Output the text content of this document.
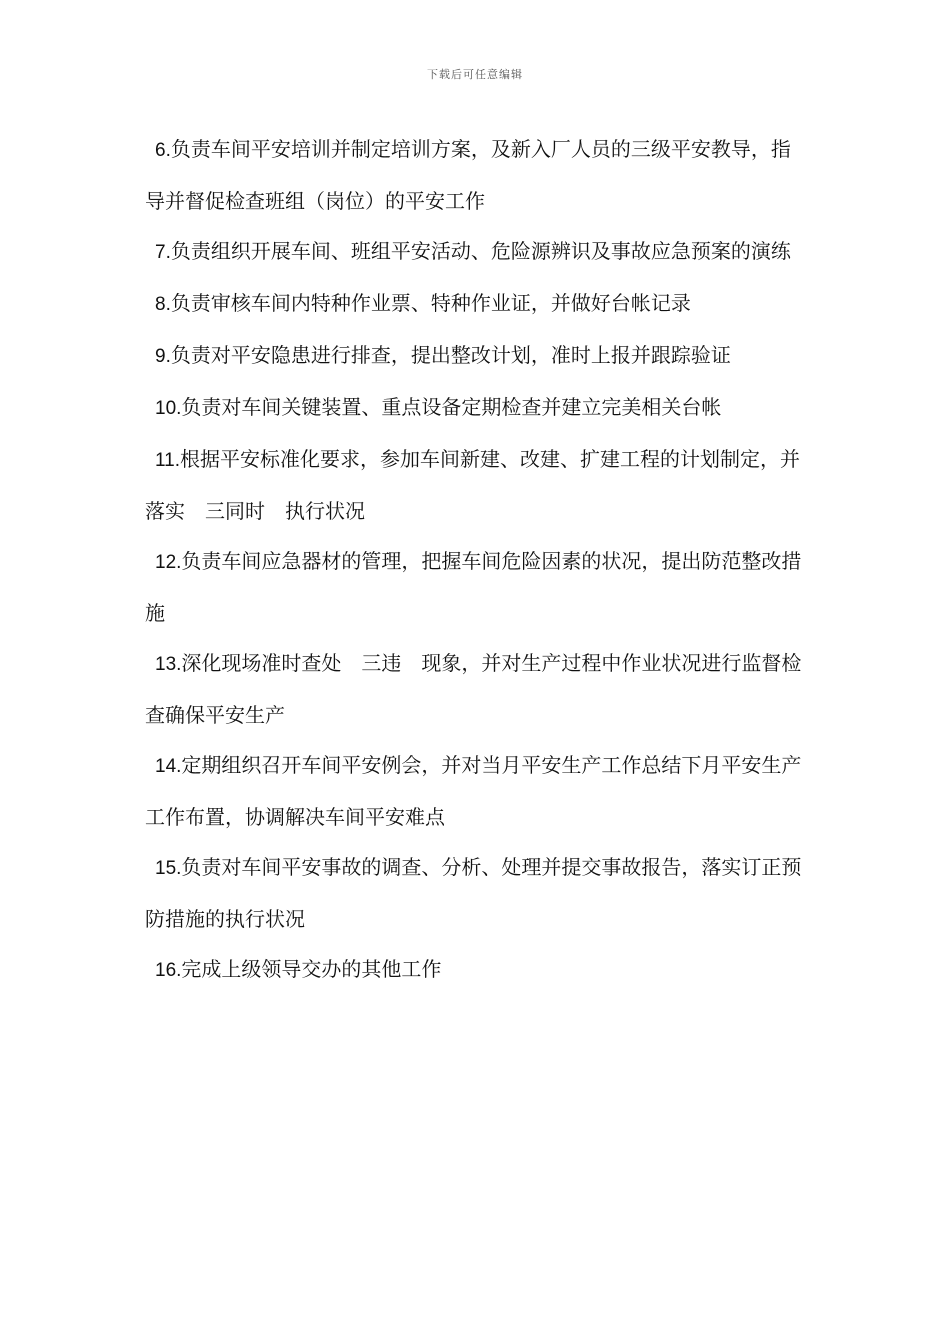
下载后可任意编辑

6.负责车间平安培训并制定培训方案，及新入厂人员的三级平安教导，指导并督促检查班组（岗位）的平安工作

7.负责组织开展车间、班组平安活动、危险源辨识及事故应急预案的演练

8.负责审核车间内特种作业票、特种作业证，并做好台帐记录

9.负责对平安隐患进行排查，提出整改计划，准时上报并跟踪验证

10.负责对车间关键装置、重点设备定期检查并建立完美相关台帐

11.根据平安标准化要求，参加车间新建、改建、扩建工程的计划制定，并落实　三同时　执行状况

12.负责车间应急器材的管理，把握车间危险因素的状况，提出防范整改措施

13.深化现场准时查处　三违　现象，并对生产过程中作业状况进行监督检查确保平安生产

14.定期组织召开车间平安例会，并对当月平安生产工作总结下月平安生产工作布置，协调解决车间平安难点

15.负责对车间平安事故的调查、分析、处理并提交事故报告，落实订正预防措施的执行状况

16.完成上级领导交办的其他工作
